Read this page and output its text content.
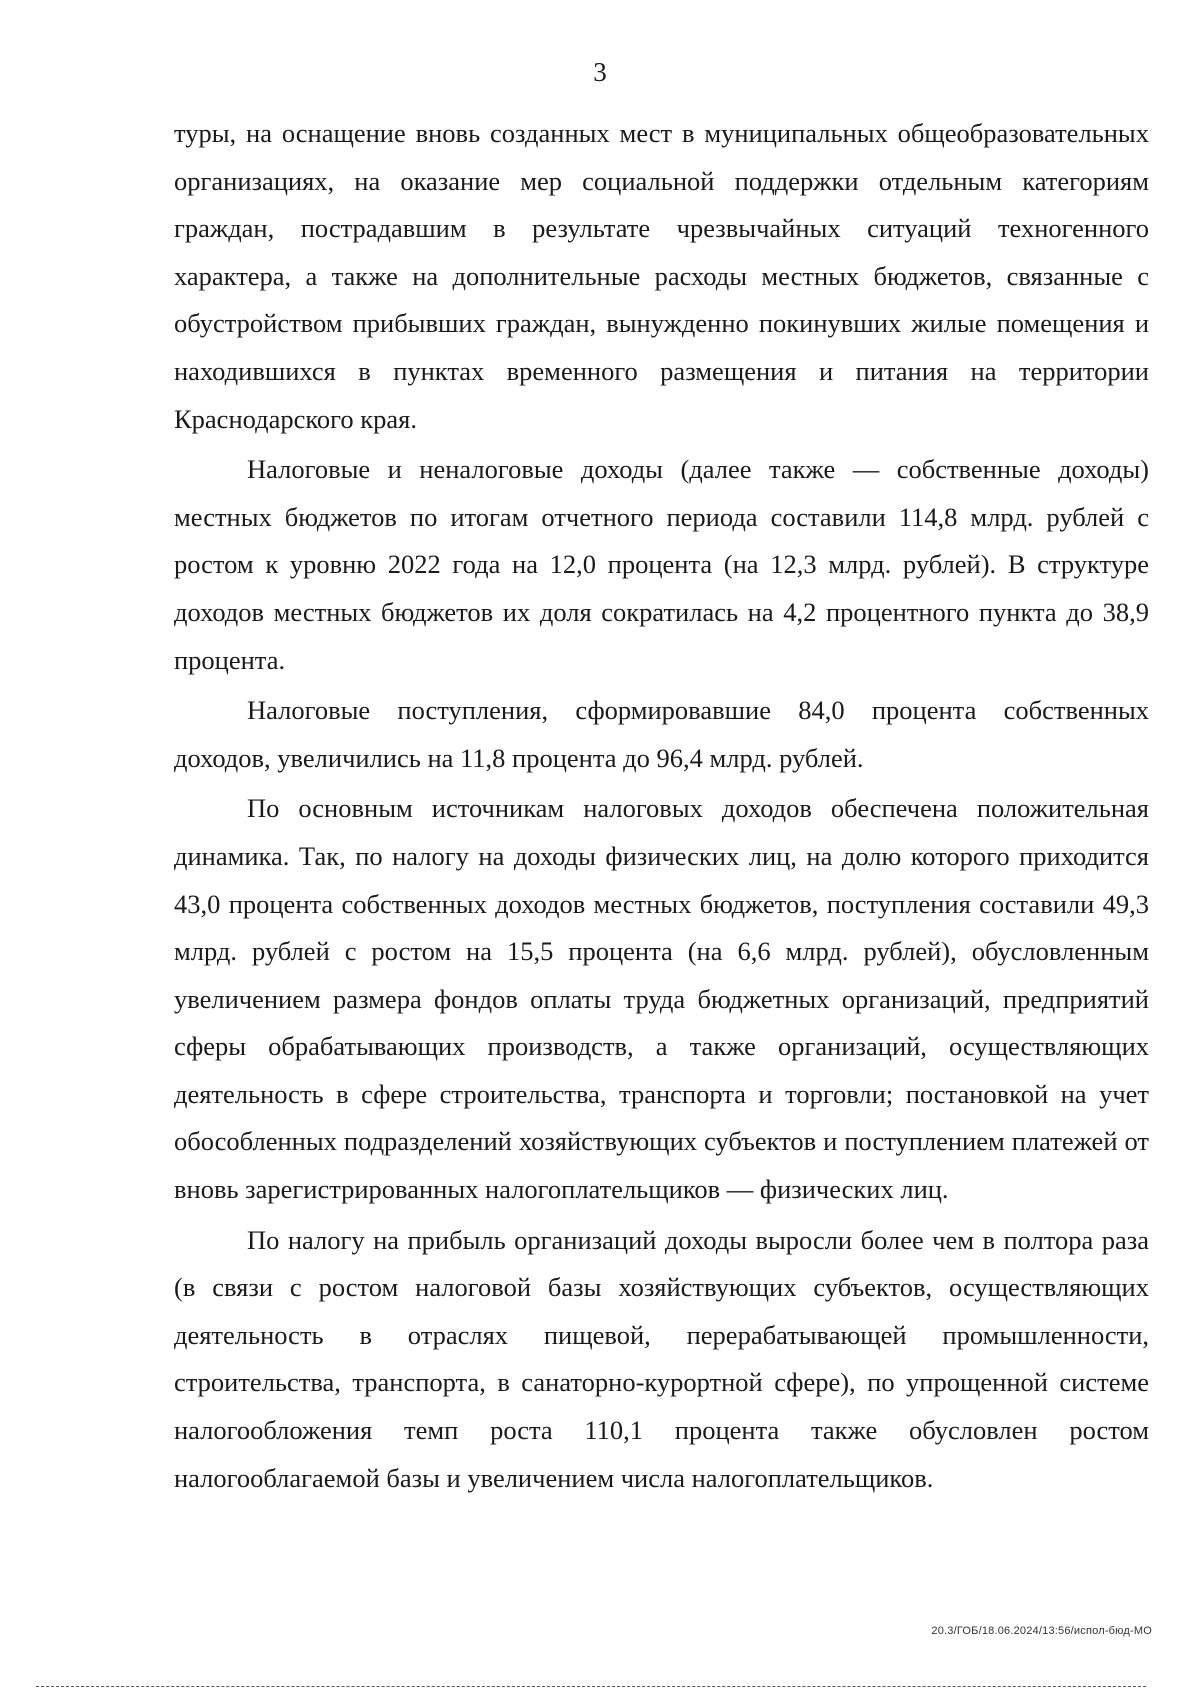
3

туры, на оснащение вновь созданных мест в муниципальных общеобразовательных организациях, на оказание мер социальной поддержки отдельным категориям граждан, пострадавшим в результате чрезвычайных ситуаций техногенного характера, а также на дополнительные расходы местных бюджетов, связанные с обустройством прибывших граждан, вынужденно покинувших жилые помещения и находившихся в пунктах временного размещения и питания на территории Краснодарского края.

Налоговые и неналоговые доходы (далее также — собственные доходы) местных бюджетов по итогам отчетного периода составили 114,8 млрд. рублей с ростом к уровню 2022 года на 12,0 процента (на 12,3 млрд. рублей). В структуре доходов местных бюджетов их доля сократилась на 4,2 процентного пункта до 38,9 процента.

Налоговые поступления, сформировавшие 84,0 процента собственных доходов, увеличились на 11,8 процента до 96,4 млрд. рублей.

По основным источникам налоговых доходов обеспечена положительная динамика. Так, по налогу на доходы физических лиц, на долю которого приходится 43,0 процента собственных доходов местных бюджетов, поступления составили 49,3 млрд. рублей с ростом на 15,5 процента (на 6,6 млрд. рублей), обусловленным увеличением размера фондов оплаты труда бюджетных организаций, предприятий сферы обрабатывающих производств, а также организаций, осуществляющих деятельность в сфере строительства, транспорта и торговли; постановкой на учет обособленных подразделений хозяйствующих субъектов и поступлением платежей от вновь зарегистрированных налогоплательщиков — физических лиц.

По налогу на прибыль организаций доходы выросли более чем в полтора раза (в связи с ростом налоговой базы хозяйствующих субъектов, осуществляющих деятельность в отраслях пищевой, перерабатывающей промышленности, строительства, транспорта, в санаторно-курортной сфере), по упрощенной системе налогообложения темп роста 110,1 процента также обусловлен ростом налогооблагаемой базы и увеличением числа налогоплательщиков.

20.3/ГОБ/18.06.2024/13:56/испол-бюд-МО
